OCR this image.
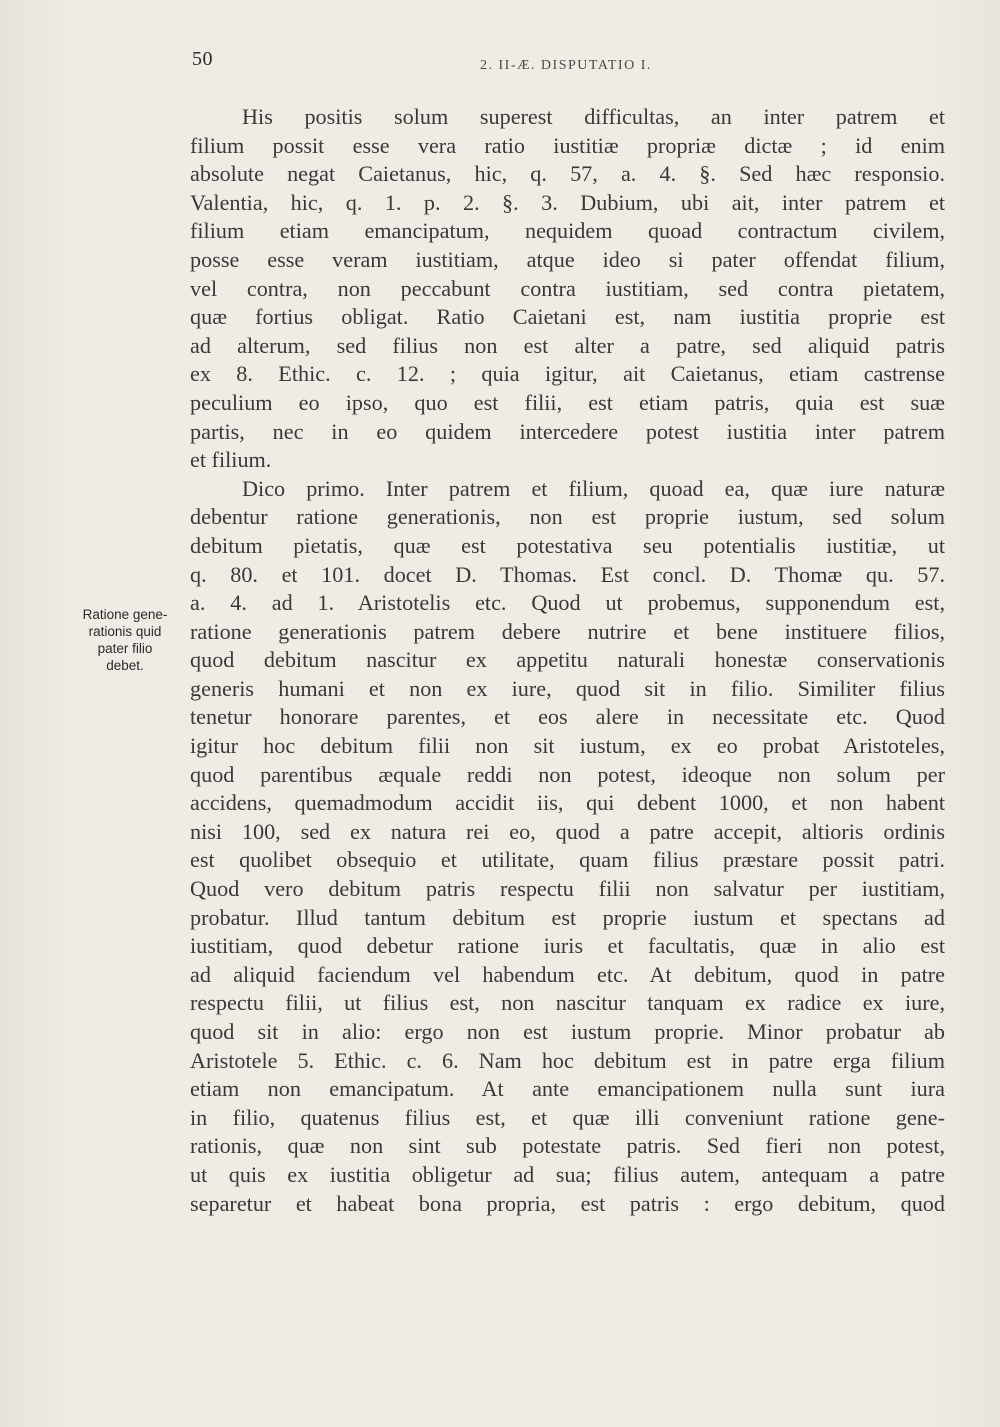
50	2. II-Æ. DISPUTATIO I.
Ratione gene-
rationis quid
pater filio
debet.
His positis solum superest difficultas, an inter patrem et
filium possit esse vera ratio iustitiæ propriæ dictæ ; id enim
absolute negat Caietanus, hic, q. 57, a. 4. §. Sed hæc responsio.
Valentia, hic, q. 1. p. 2. §. 3. Dubium, ubi ait, inter patrem et
filium etiam emancipatum, nequidem quoad contractum civilem,
posse esse veram iustitiam, atque ideo si pater offendat filium,
vel contra, non peccabunt contra iustitiam, sed contra pietatem,
quæ fortius obligat. Ratio Caietani est, nam iustitia proprie est
ad alterum, sed filius non est alter a patre, sed aliquid patris
ex 8. Ethic. c. 12. ; quia igitur, ait Caietanus, etiam castrense
peculium eo ipso, quo est filii, est etiam patris, quia est suæ
partis, nec in eo quidem intercedere potest iustitia inter patrem
et filium.
Dico primo. Inter patrem et filium, quoad ea, quæ iure naturæ
debentur ratione generationis, non est proprie iustum, sed solum
debitum pietatis, quæ est potestativa seu potentialis iustitiæ, ut
q. 80. et 101. docet D. Thomas. Est concl. D. Thomæ qu. 57.
a. 4. ad 1. Aristotelis etc. Quod ut probemus, supponendum est,
ratione generationis patrem debere nutrire et bene instituere filios,
quod debitum nascitur ex appetitu naturali honestæ conservationis
generis humani et non ex iure, quod sit in filio. Similiter filius
tenetur honorare parentes, et eos alere in necessitate etc. Quod
igitur hoc debitum filii non sit iustum, ex eo probat Aristoteles,
quod parentibus æquale reddi non potest, ideoque non solum per
accidens, quemadmodum accidit iis, qui debent 1000, et non habent
nisi 100, sed ex natura rei eo, quod a patre accepit, altioris ordinis
est quolibet obsequio et utilitate, quam filius præstare possit patri.
Quod vero debitum patris respectu filii non salvatur per iustitiam,
probatur. Illud tantum debitum est proprie iustum et spectans ad
iustitiam, quod debetur ratione iuris et facultatis, quæ in alio est
ad aliquid faciendum vel habendum etc. At debitum, quod in patre
respectu filii, ut filius est, non nascitur tanquam ex radice ex iure,
quod sit in alio: ergo non est iustum proprie. Minor probatur ab
Aristotele 5. Ethic. c. 6. Nam hoc debitum est in patre erga filium
etiam non emancipatum. At ante emancipationem nulla sunt iura
in filio, quatenus filius est, et quæ illi conveniunt ratione gene-
rationis, quæ non sint sub potestate patris. Sed fieri non potest,
ut quis ex iustitia obligetur ad sua; filius autem, antequam a patre
separetur et habeat bona propria, est patris : ergo debitum, quod
